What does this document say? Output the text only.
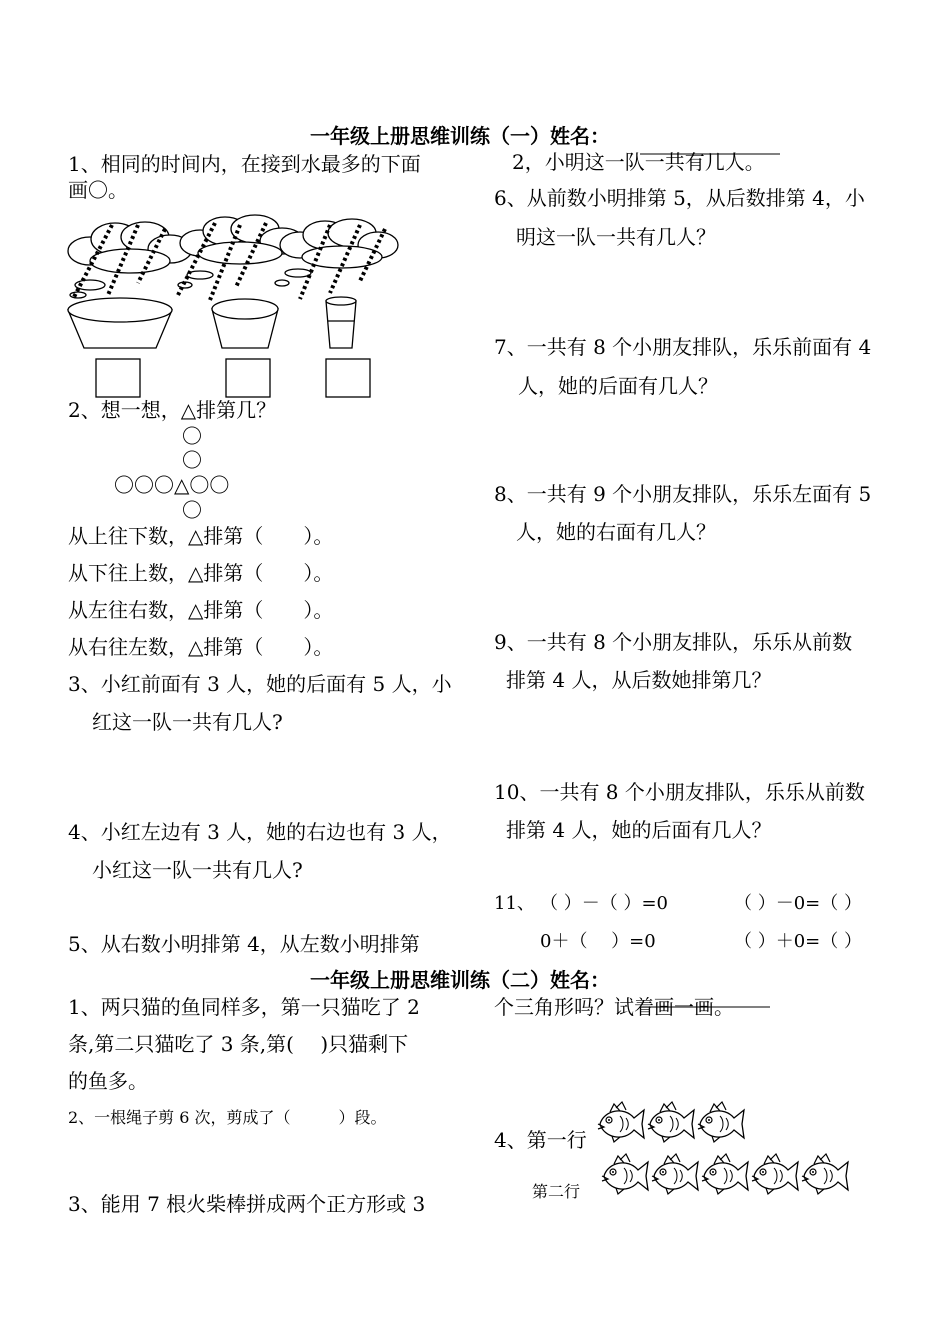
一年级上册思维训练（一）姓名：
1、相同的时间内，在接到水最多的下面
画〇。
2、想一想，△排第几？
〇
〇
〇〇〇△〇〇
〇
从上往下数，△排第（　　）。
从下往上数，△排第（　　）。
从左往右数，△排第（　　）。
从右往左数，△排第（　　）。
3、小红前面有 3 人，她的后面有 5 人，小
红这一队一共有几人?
4、小红左边有 3 人，她的右边也有 3 人，
小红这一队一共有几人?
5、从右数小明排第 4，从左数小明排第
2，小明这一队一共有几人。
6、从前数小明排第 5，从后数排第 4，小
明这一队一共有几人？
7、一共有 8 个小朋友排队，乐乐前面有 4
人，她的后面有几人？
8、一共有 9 个小朋友排队，乐乐左面有 5
人，她的右面有几人？
9、一共有 8 个小朋友排队，乐乐从前数
排第 4 人，从后数她排第几？
10、一共有 8 个小朋友排队，乐乐从前数
排第 4 人，她的后面有几人？
11、 （ ）－（ ）=0	（ ）－0=（ ）
0＋（　 ）=0	（ ）＋0=（ ）
一年级上册思维训练（二）姓名：
1、两只猫的鱼同样多，第一只猫吃了 2
条,第二只猫吃了 3 条,第(　 )只猫剩下
的鱼多。
2、一根绳子剪 6 次，剪成了（　　　）段。
3、能用 7 根火柴棒拼成两个正方形或 3
个三角形吗？试着画一画。
4、第一行
第二行
